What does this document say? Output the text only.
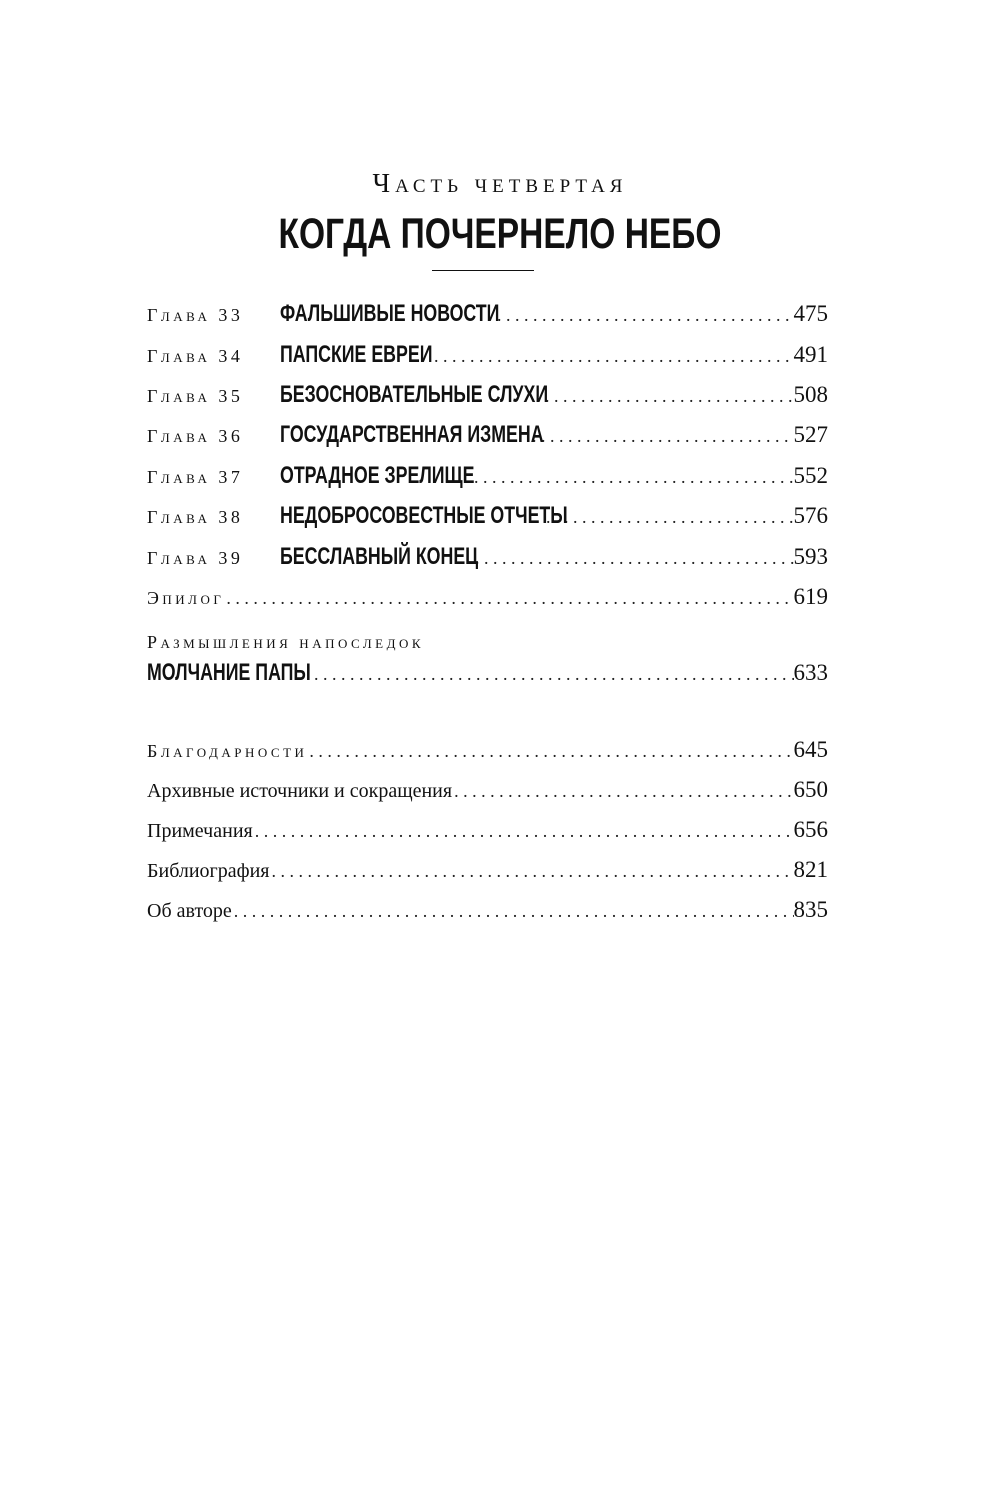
Часть четвертая
КОГДА ПОЧЕРНЕЛО НЕБО
Глава 33	ФАЛЬШИВЫЕ НОВОСТИ . . .	475
Глава 34	ПАПСКИЕ ЕВРЕИ . . .	491
Глава 35	БЕЗОСНОВАТЕЛЬНЫЕ СЛУХИ . . .	508
Глава 36	ГОСУДАРСТВЕННАЯ ИЗМЕНА . . .	527
Глава 37	ОТРАДНОЕ ЗРЕЛИЩЕ . . .	552
Глава 38	НЕДОБРОСОВЕСТНЫЕ ОТЧЕТЫ . . .	576
Глава 39	БЕССЛАВНЫЙ КОНЕЦ . . .	593
Эпилог . . .	619
МОЛЧАНИЕ ПАПЫ . . .	633
Благодарности . . .	645
Архивные источники и сокращения . . .	650
Примечания . . .	656
Библиография . . .	821
Об авторе . . .	835
Размышления напоследок
